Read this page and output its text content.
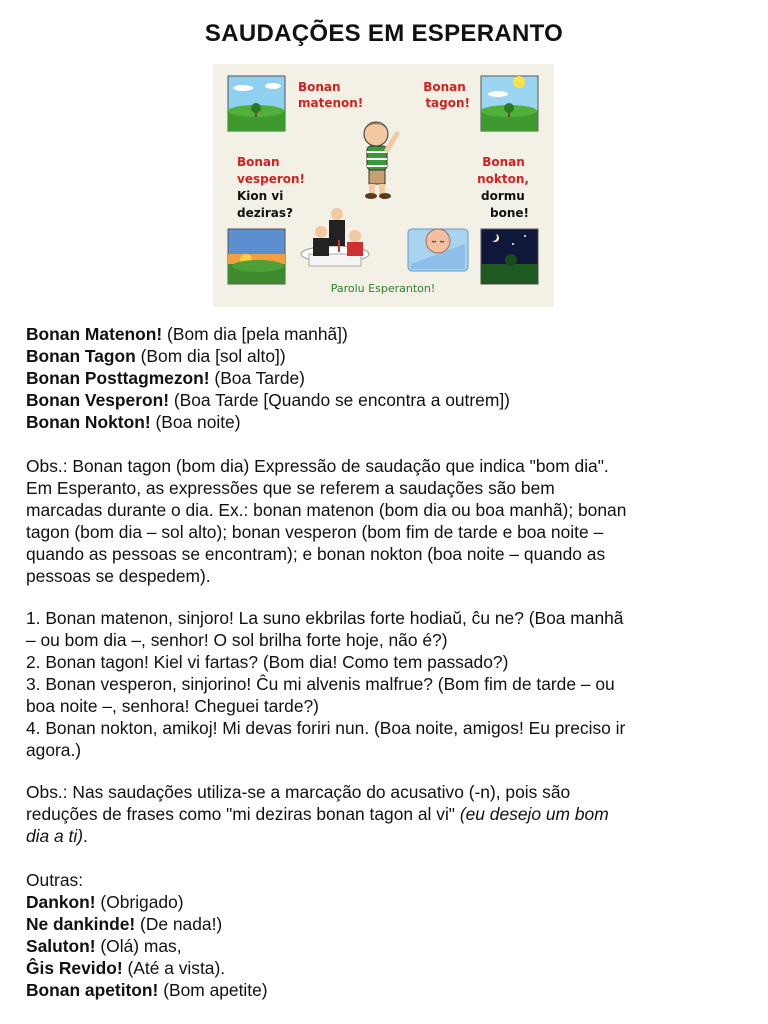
SAUDAÇÕES EM ESPERANTO
Bonan matenon!
Bonan tagon!
Bonan vesperon!
Kion vi deziras?
Bonan nokton,
dormu bone!
Parolu Esperanton!

Bonan Matenon! (Bom dia [pela manhã])

Bonan Tagon (Bom dia [sol alto])

Bonan Posttagmezon! (Boa Tarde)

Bonan Vesperon! (Boa Tarde [Quando se encontra a outrem])

Bonan Nokton! (Boa noite)

Obs.: Bonan tagon (bom dia) Expressão de saudação que indica "bom dia".

Em Esperanto, as expressões que se referem a saudações são bem

marcadas durante o dia. Ex.: bonan matenon (bom dia ou boa manhã); bonan

tagon (bom dia – sol alto); bonan vesperon (bom fim de tarde e boa noite –

quando as pessoas se encontram); e bonan nokton (boa noite – quando as

pessoas se despedem).

1. Bonan matenon, sinjoro! La suno ekbrilas forte hodiaŭ, ĉu ne? (Boa manhã

– ou bom dia –, senhor! O sol brilha forte hoje, não é?)

2. Bonan tagon! Kiel vi fartas? (Bom dia! Como tem passado?)

3. Bonan vesperon, sinjorino! Ĉu mi alvenis malfrue? (Bom fim de tarde – ou

boa noite –, senhora! Cheguei tarde?)

4. Bonan nokton, amikoj! Mi devas foriri nun. (Boa noite, amigos! Eu preciso ir

agora.)

Obs.: Nas saudações utiliza-se a marcação do acusativo (-n), pois são

reduções de frases como "mi deziras bonan tagon al vi" (eu desejo um bom

dia a ti).

Outras:

Dankon! (Obrigado)

Ne dankinde! (De nada!)

Saluton! (Olá) mas,

Ĝis Revido! (Até a vista).

Bonan apetiton! (Bom apetite)
